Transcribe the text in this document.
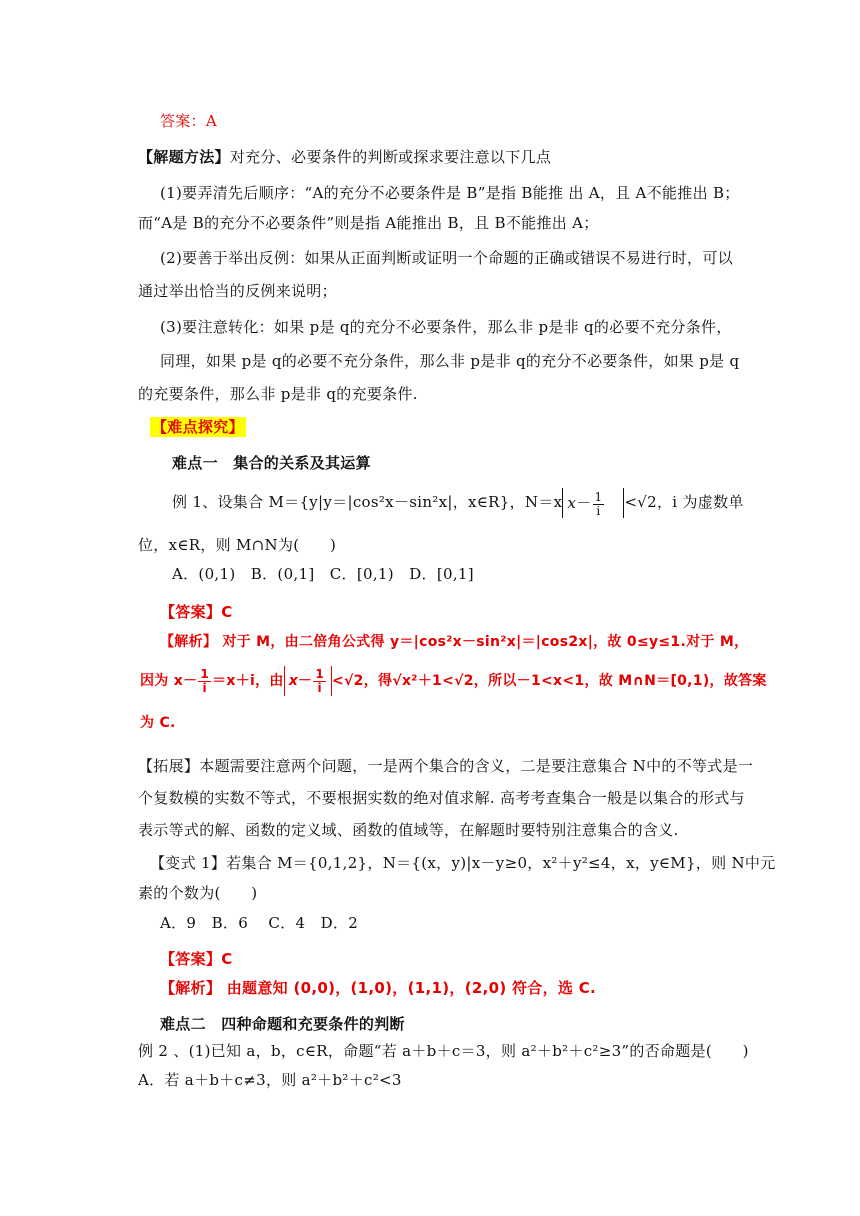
答案：A
【解题方法】对充分、必要条件的判断或探求要注意以下几点
(1)要弄清先后顺序：“A的充分不必要条件是 B”是指 B能推 出 A，且 A不能推出 B；
而“A是 B的充分不必要条件”则是指 A能推出 B，且 B不能推出 A；
(2)要善于举出反例：如果从正面判断或证明一个命题的正确或错误不易进行时，可以
通过举出恰当的反例来说明；
(3)要注意转化：如果 p是 q的充分不必要条件，那么非 p是非 q的必要不充分条件，
同理，如果 p是 q的必要不充分条件，那么非 p是非 q的充分不必要条件，如果 p是 q
的充要条件，那么非 p是非 q的充要条件.
【难点探究】
难点一　集合的关系及其运算
例 1、设集合 M＝{y|y＝|cos²x－sin²x|，x∈R}，N＝x $x- \frac{1}{i} <√2$，i 为虚数单
位，x∈R，则 M∩N为(　　)
A．(0,1)　B．(0,1]　C．[0,1)　D．[0,1]
【答案】C
【解析】 对于 M，由二倍角公式得 y＝|cos²x－sin²x|＝|cos2x|，故 0≤y≤1.对于 M，
因为 $x- \frac{1}{i} =x+i$，由 $x- \frac{1}{i} <√2$，得√x²＋1<√2，所以－1<x<1，故 M∩N＝[0,1)，故答案
为 C.
【拓展】本题需要注意两个问题，一是两个集合的含义，二是要注意集合 N中的不等式是一
个复数模的实数不等式，不要根据实数的绝对值求解. 高考考查集合一般是以集合的形式与
表示等式的解、函数的定义域、函数的值域等，在解题时要特别注意集合的含义.
【变式 1】若集合 M＝{0,1,2}，N＝{(x，y)|x－y≥0，x²＋y²≤4，x，y∈M}，则 N中元
素的个数为(　　)
A．9　B．6　 C．4　D．2
【答案】C
【解析】 由题意知 (0,0)，(1,0)，(1,1)，(2,0) 符合，选 C.
难点二　四种命题和充要条件的判断
例 2 、(1)已知 a，b，c∈R，命题“若 a＋b＋c＝3，则 a²＋b²＋c²≥3”的否命题是(　　)
A．若 a＋b＋c≠3，则 a²＋b²＋c²<3
